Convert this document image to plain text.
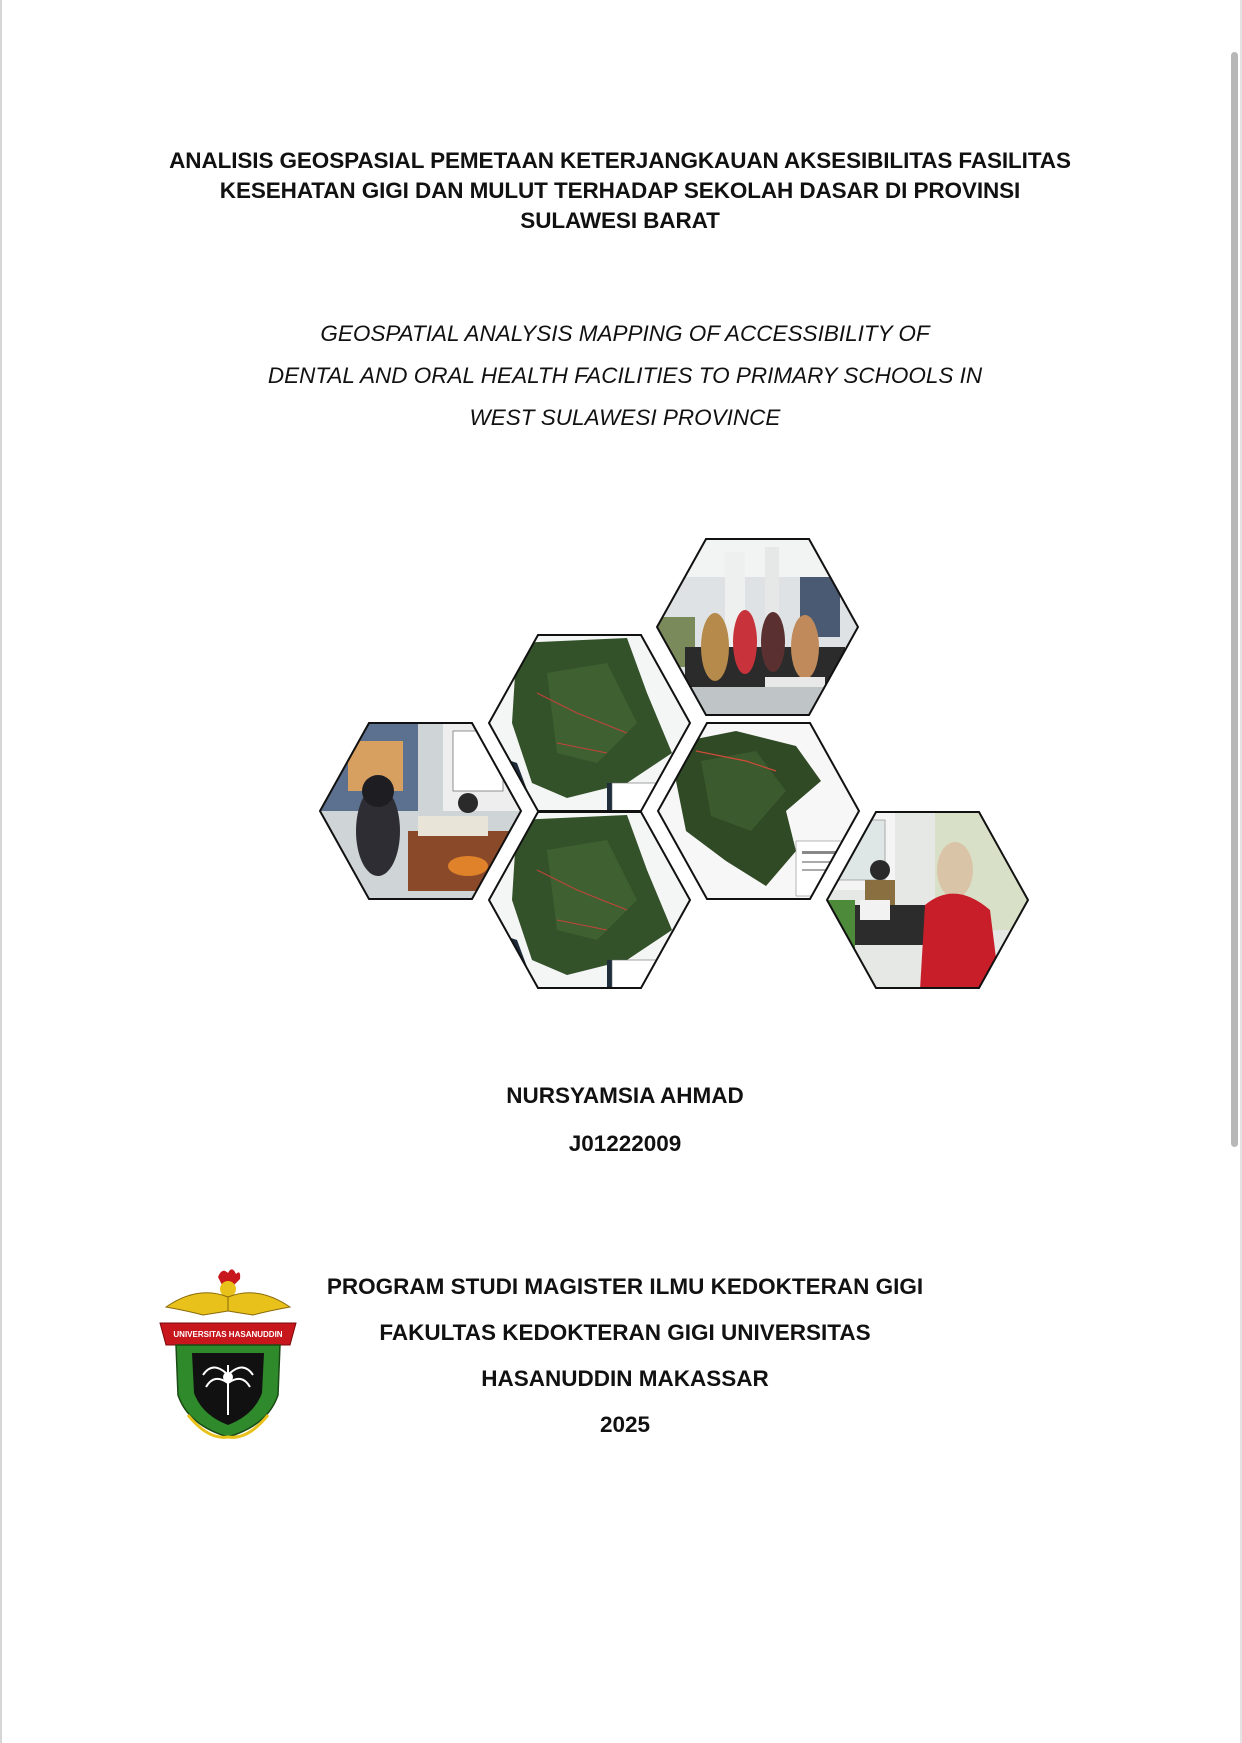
ANALISIS GEOSPASIAL PEMETAAN KETERJANGKAUAN AKSESIBILITAS FASILITAS
KESEHATAN GIGI DAN MULUT TERHADAP SEKOLAH DASAR DI PROVINSI
SULAWESI BARAT
GEOSPATIAL ANALYSIS MAPPING OF ACCESSIBILITY OF
DENTAL AND ORAL HEALTH FACILITIES TO PRIMARY SCHOOLS IN
WEST SULAWESI PROVINCE
NURSYAMSIA AHMAD
J01222009
UNIVERSITAS HASANUDDIN
PROGRAM STUDI MAGISTER ILMU KEDOKTERAN GIGI
FAKULTAS KEDOKTERAN GIGI UNIVERSITAS
HASANUDDIN MAKASSAR
2025
